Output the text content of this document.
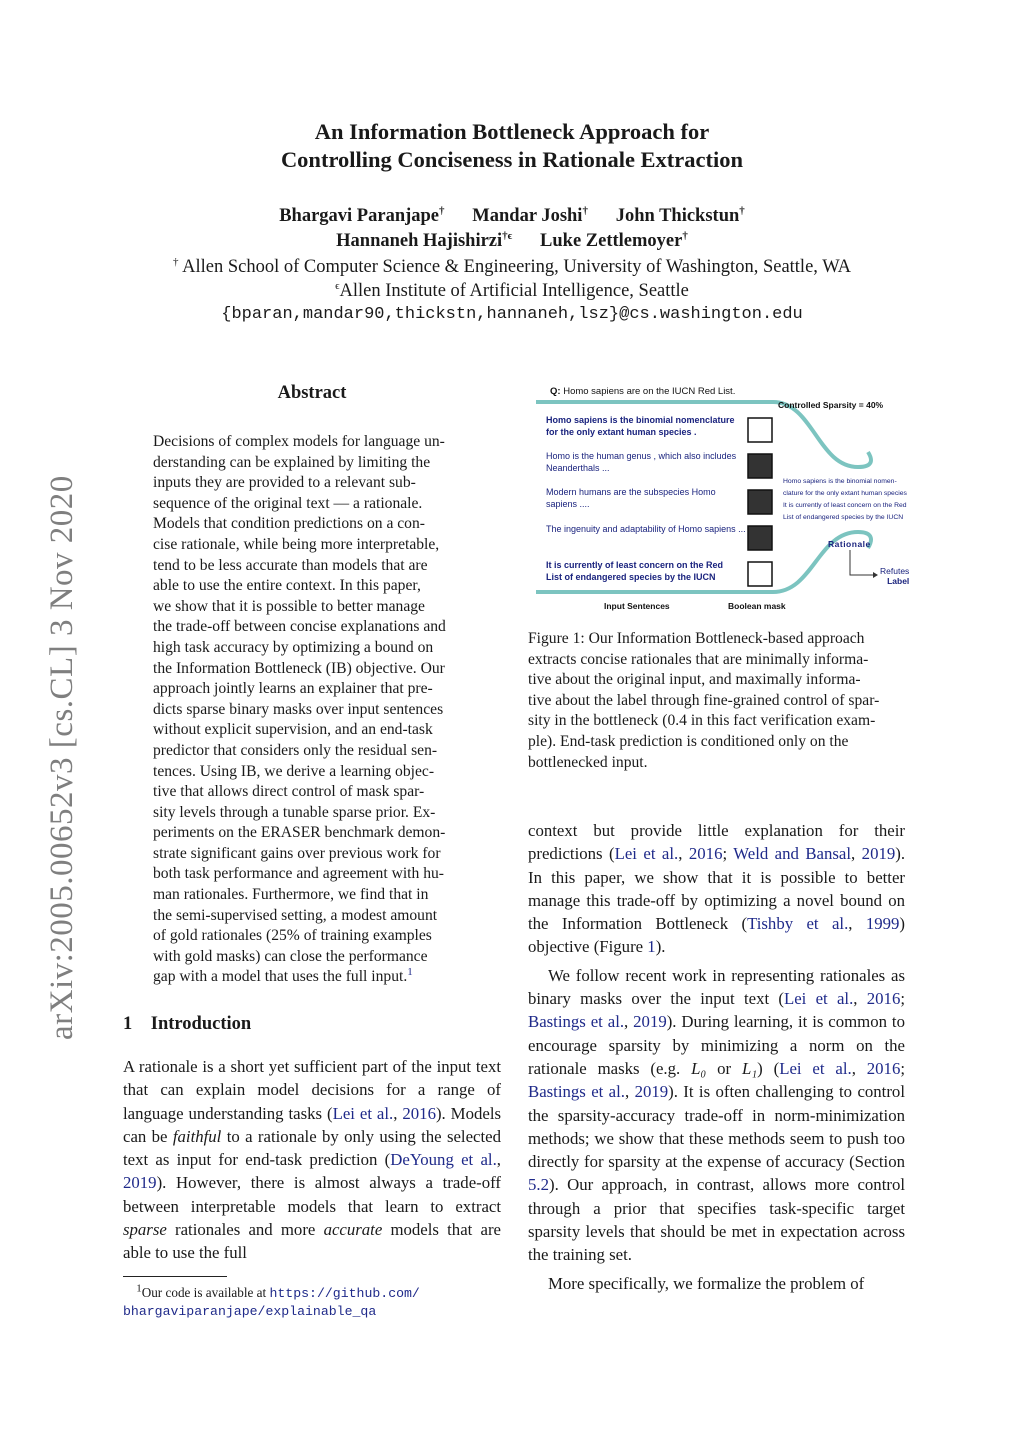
arXiv:2005.00652v3 [cs.CL] 3 Nov 2020
An Information Bottleneck Approach for
Controlling Conciseness in Rationale Extraction
Bhargavi Paranjape† Mandar Joshi† John Thickstun†
Hannaneh Hajishirzi$^{\dagger\epsilon}$ Luke Zettlemoyer†
† Allen School of Computer Science & Engineering, University of Washington, Seattle, WA
$^\epsilon$Allen Institute of Artificial Intelligence, Seattle
{bparan,mandar90,thickstn,hannaneh,lsz}@cs.washington.edu
Abstract
Decisions of complex models for language un-
derstanding can be explained by limiting the
inputs they are provided to a relevant sub-
sequence of the original text — a rationale.
Models that condition predictions on a con-
cise rationale, while being more interpretable,
tend to be less accurate than models that are
able to use the entire context. In this paper,
we show that it is possible to better manage
the trade-off between concise explanations and
high task accuracy by optimizing a bound on
the Information Bottleneck (IB) objective. Our
approach jointly learns an explainer that pre-
dicts sparse binary masks over input sentences
without explicit supervision, and an end-task
predictor that considers only the residual sen-
tences. Using IB, we derive a learning objec-
tive that allows direct control of mask spar-
sity levels through a tunable sparse prior. Ex-
periments on the ERASER benchmark demon-
strate significant gains over previous work for
both task performance and agreement with hu-
man rationales. Furthermore, we find that in
the semi-supervised setting, a modest amount
of gold rationales (25% of training examples
with gold masks) can close the performance
gap with a model that uses the full input.$^1$
1 Introduction
A rationale is a short yet sufficient part of the input text that can explain model decisions for a range of language understanding tasks (Lei et al., 2016). Models can be faithful to a rationale by only using the selected text as input for end-task prediction (DeYoung et al., 2019). However, there is almost always a trade-off between interpretable models that learn to extract sparse rationales and more accurate models that are able to use the full
$^1$Our code is available at https://github.com/ bhargaviparanjape/explainable_qa
Q: Homo sapiens are on the IUCN Red List.
Controlled Sparsity = 40%
Homo sapiens is the binomial nomenclature for the only extant human species .
Homo is the human genus , which also includes Neanderthals ...
Modern humans are the subspecies Homo sapiens ....
The ingenuity and adaptability of Homo sapiens ...
It is currently of least concern on the Red List of endangered species by the IUCN
Homo sapiens is the binomial nomen-
clature for the only extant human species
It is currently of least concern on the Red
List of endangered species by the IUCN
Rationale
Refutes
Label
Input Sentences	Boolean mask
Figure 1: Our Information Bottleneck-based approach
extracts concise rationales that are minimally informa-
tive about the original input, and maximally informa-
tive about the label through fine-grained control of spar-
sity in the bottleneck (0.4 in this fact verification exam-
ple). End-task prediction is conditioned only on the
bottlenecked input.
context but provide little explanation for their predictions (Lei et al., 2016; Weld and Bansal, 2019). In this paper, we show that it is possible to better manage this trade-off by optimizing a novel bound on the Information Bottleneck (Tishby et al., 1999) objective (Figure 1).
We follow recent work in representing rationales as binary masks over the input text (Lei et al., 2016; Bastings et al., 2019). During learning, it is common to encourage sparsity by minimizing a norm on the rationale masks (e.g. L₀ or L₁) (Lei et al., 2016; Bastings et al., 2019). It is often challenging to control the sparsity-accuracy trade-off in norm-minimization methods; we show that these methods seem to push too directly for sparsity at the expense of accuracy (Section 5.2). Our approach, in contrast, allows more control through a prior that specifies task-specific target sparsity levels that should be met in expectation across the training set.
More specifically, we formalize the problem of
